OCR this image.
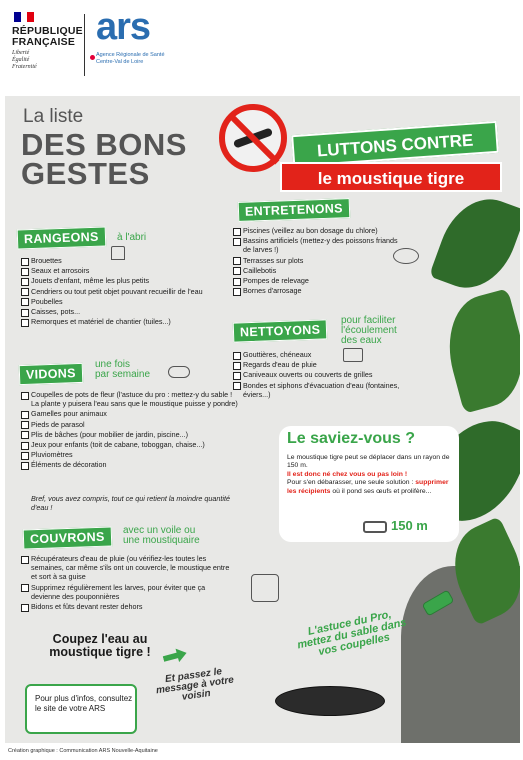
RÉPUBLIQUE
FRANÇAISE
Liberté
Égalité
Fraternité
ars
Agence Régionale de Santé
Centre-Val de Loire
La liste
DES BONS
GESTES
LUTTONS CONTRE
le moustique tigre
RANGEONS	à l'abri
Brouettes
Seaux et arrosoirs
Jouets d'enfant, même les plus petits
Cendriers ou tout petit objet pouvant recueillir de l'eau
Poubelles
Caisses, pots...
Remorques et matériel de chantier (tuiles...)
VIDONS
une fois
par semaine
Coupelles de pots de fleur (l'astuce du pro : mettez-y du sable ! La plante y puisera l'eau sans que le moustique puisse y pondre)
Gamelles pour animaux
Pieds de parasol
Plis de bâches (pour mobilier de jardin, piscine...)
Jeux pour enfants (toit de cabane, toboggan, chaise...)
Pluviomètres
Éléments de décoration
Bref, vous avez compris, tout ce qui retient la moindre quantité d'eau !
COUVRONS	avec un voile ou
une moustiquaire
Récupérateurs d'eau de pluie (ou vérifiez-les toutes les semaines, car même s'ils ont un couvercle, le moustique entre et sort à sa guise
Supprimez régulièrement les larves, pour éviter que ça devienne des pouponnières
Bidons et fûts devant rester dehors
ENTRETENONS
Piscines (veillez au bon dosage du chlore)
Bassins artificiels (mettez-y des poissons friands de larves !)
Terrasses sur plots
Caillebotis
Pompes de relevage
Bornes d'arrosage
NETTOYONS
pour faciliter
l'écoulement
des eaux
Gouttières, chéneaux
Regards d'eau de pluie
Caniveaux ouverts ou couverts de grilles
Bondes et siphons d'évacuation d'eau (fontaines, éviers...)
Le saviez-vous ?
Le moustique tigre peut se déplacer dans un rayon de 150 m.
Il est donc né chez vous ou pas loin !
Pour s'en débarasser, une seule solution : supprimer les récipients où il pond ses œufs et prolifère...
150 m
L'astuce du Pro, mettez du sable dans vos coupelles
Coupez l'eau au moustique tigre !
Et passez le message à votre voisin
Pour plus d'infos, consultez le site de votre ARS
Création graphique : Communication ARS Nouvelle-Aquitaine
